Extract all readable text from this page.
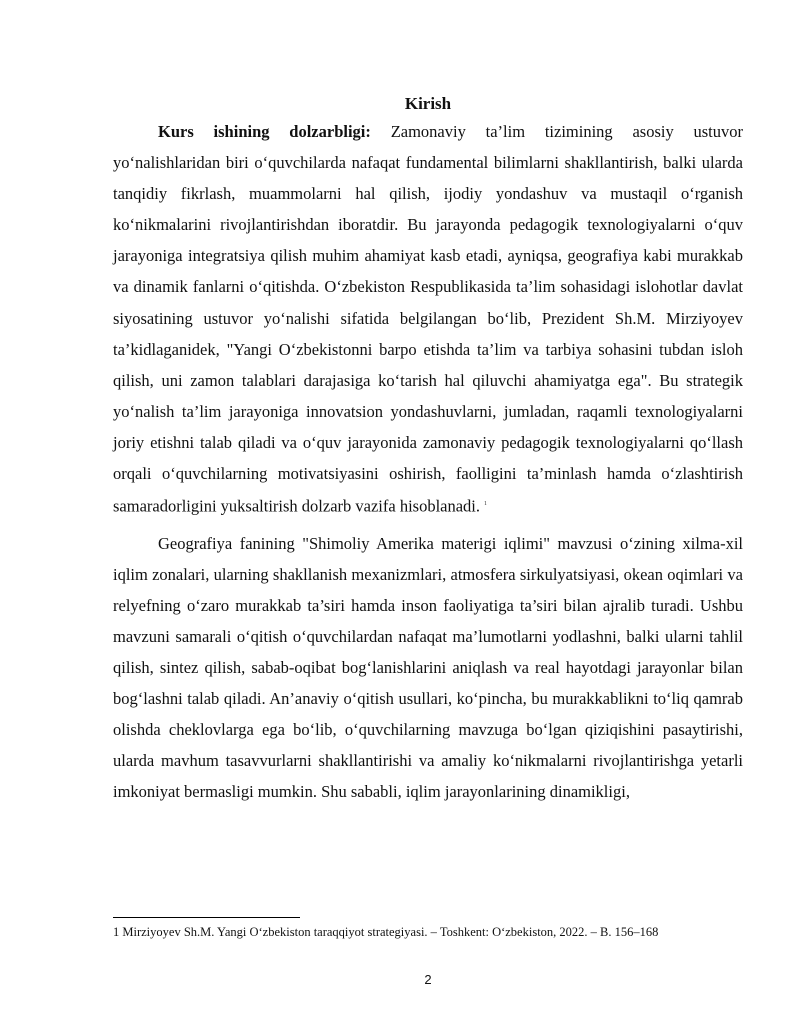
Kirish

Kurs ishining dolzarbligi: Zamonaviy ta’lim tizimining asosiy ustuvor yo‘nalishlaridan biri o‘quvchilarda nafaqat fundamental bilimlarni shakllantirish, balki ularda tanqidiy fikrlash, muammolarni hal qilish, ijodiy yondashuv va mustaqil o‘rganish ko‘nikmalarini rivojlantirishdan iboratdir. Bu jarayonda pedagogik texnologiyalarni o‘quv jarayoniga integratsiya qilish muhim ahamiyat kasb etadi, ayniqsa, geografiya kabi murakkab va dinamik fanlarni o‘qitishda. O‘zbekiston Respublikasida ta’lim sohasidagi islohotlar davlat siyosatining ustuvor yo‘nalishi sifatida belgilangan bo‘lib, Prezident Sh.M. Mirziyoyev ta’kidlaganidek, "Yangi O‘zbekistonni barpo etishda ta’lim va tarbiya sohasini tubdan isloh qilish, uni zamon talablari darajasiga ko‘tarish hal qiluvchi ahamiyatga ega". Bu strategik yo‘nalish ta’lim jarayoniga innovatsion yondashuvlarni, jumladan, raqamli texnologiyalarni joriy etishni talab qiladi va o‘quv jarayonida zamonaviy pedagogik texnologiyalarni qo‘llash orqali o‘quvchilarning motivatsiyasini oshirish, faolligini ta’minlash hamda o‘zlashtirish samaradorligini yuksaltirish dolzarb vazifa hisoblanadi. $^1$

Geografiya fanining "Shimoliy Amerika materigi iqlimi" mavzusi o‘zining xilma-xil iqlim zonalari, ularning shakllanish mexanizmlari, atmosfera sirkulyatsiyasi, okean oqimlari va relyefning o‘zaro murakkab ta’siri hamda inson faoliyatiga ta’siri bilan ajralib turadi. Ushbu mavzuni samarali o‘qitish o‘quvchilardan nafaqat ma’lumotlarni yodlashni, balki ularni tahlil qilish, sintez qilish, sabab-oqibat bog‘lanishlarini aniqlash va real hayotdagi jarayonlar bilan bog‘lashni talab qiladi. An’anaviy o‘qitish usullari, ko‘pincha, bu murakkablikni to‘liq qamrab olishda cheklovlarga ega bo‘lib, o‘quvchilarning mavzuga bo‘lgan qiziqishini pasaytirishi, ularda mavhum tasavvurlarni shakllantirishi va amaliy ko‘nikmalarni rivojlantirishga yetarli imkoniyat bermasligi mumkin. Shu sababli, iqlim jarayonlarining dinamikligi,

1 Mirziyoyev Sh.M. Yangi O‘zbekiston taraqqiyot strategiyasi. – Toshkent: O‘zbekiston, 2022. – B. 156–168
2
